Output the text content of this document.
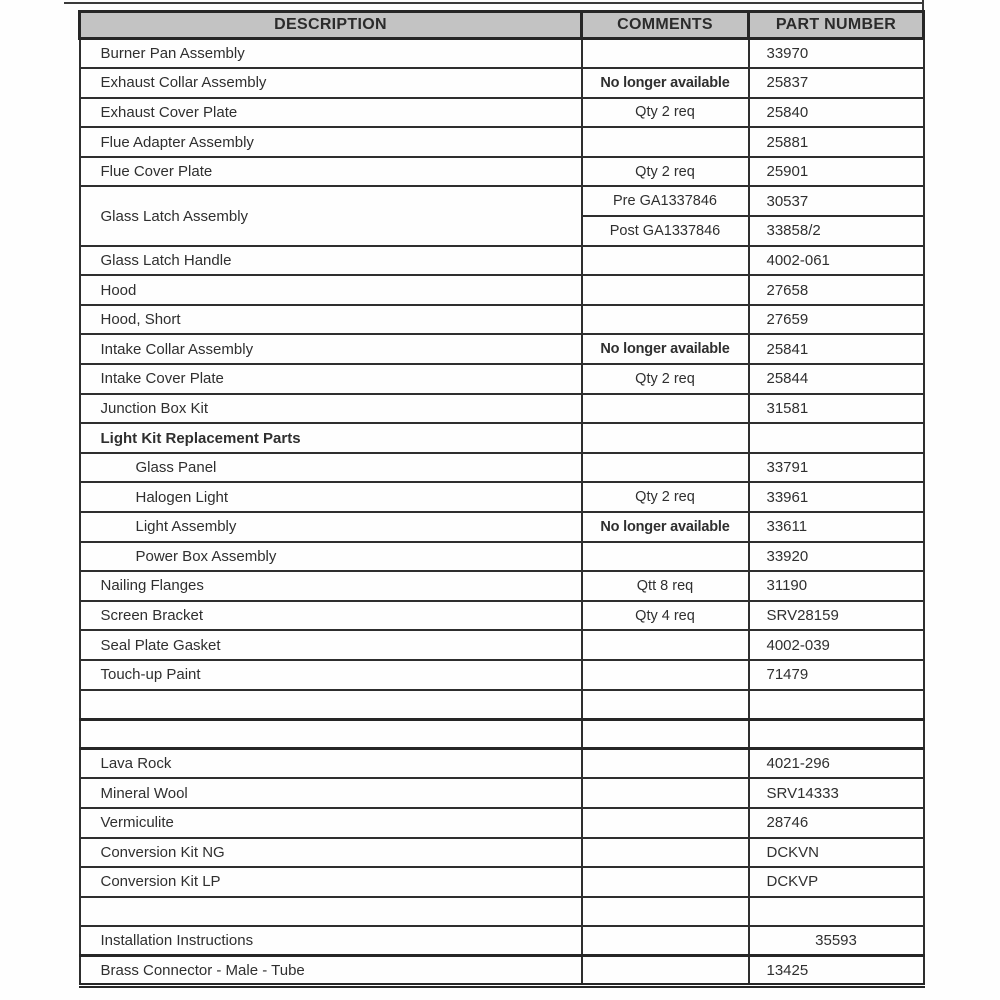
DESCRIPTION	COMMENTS	PART NUMBER
Burner Pan Assembly		33970
Exhaust Collar Assembly	No longer available	25837
Exhaust Cover Plate	Qty 2 req	25840
Flue Adapter Assembly		25881
Flue Cover Plate	Qty 2 req	25901
Glass Latch Assembly	Pre GA1337846	30537
	Post GA1337846	33858/2
Glass Latch Handle		4002-061
Hood		27658
Hood, Short		27659
Intake Collar Assembly	No longer available	25841
Intake Cover Plate	Qty 2 req	25844
Junction Box Kit		31581
Light Kit Replacement Parts		
Glass Panel		33791
Halogen Light	Qty 2 req	33961
Light Assembly	No longer available	33611
Power Box Assembly		33920
Nailing Flanges	Qtt 8 req	31190
Screen Bracket	Qty 4 req	SRV28159
Seal Plate Gasket		4002-039
Touch-up Paint		71479

Lava Rock		4021-296
Mineral Wool		SRV14333
Vermiculite		28746
Conversion Kit NG		DCKVN
Conversion Kit LP		DCKVP

Installation Instructions		35593
Brass Connector - Male - Tube		13425
